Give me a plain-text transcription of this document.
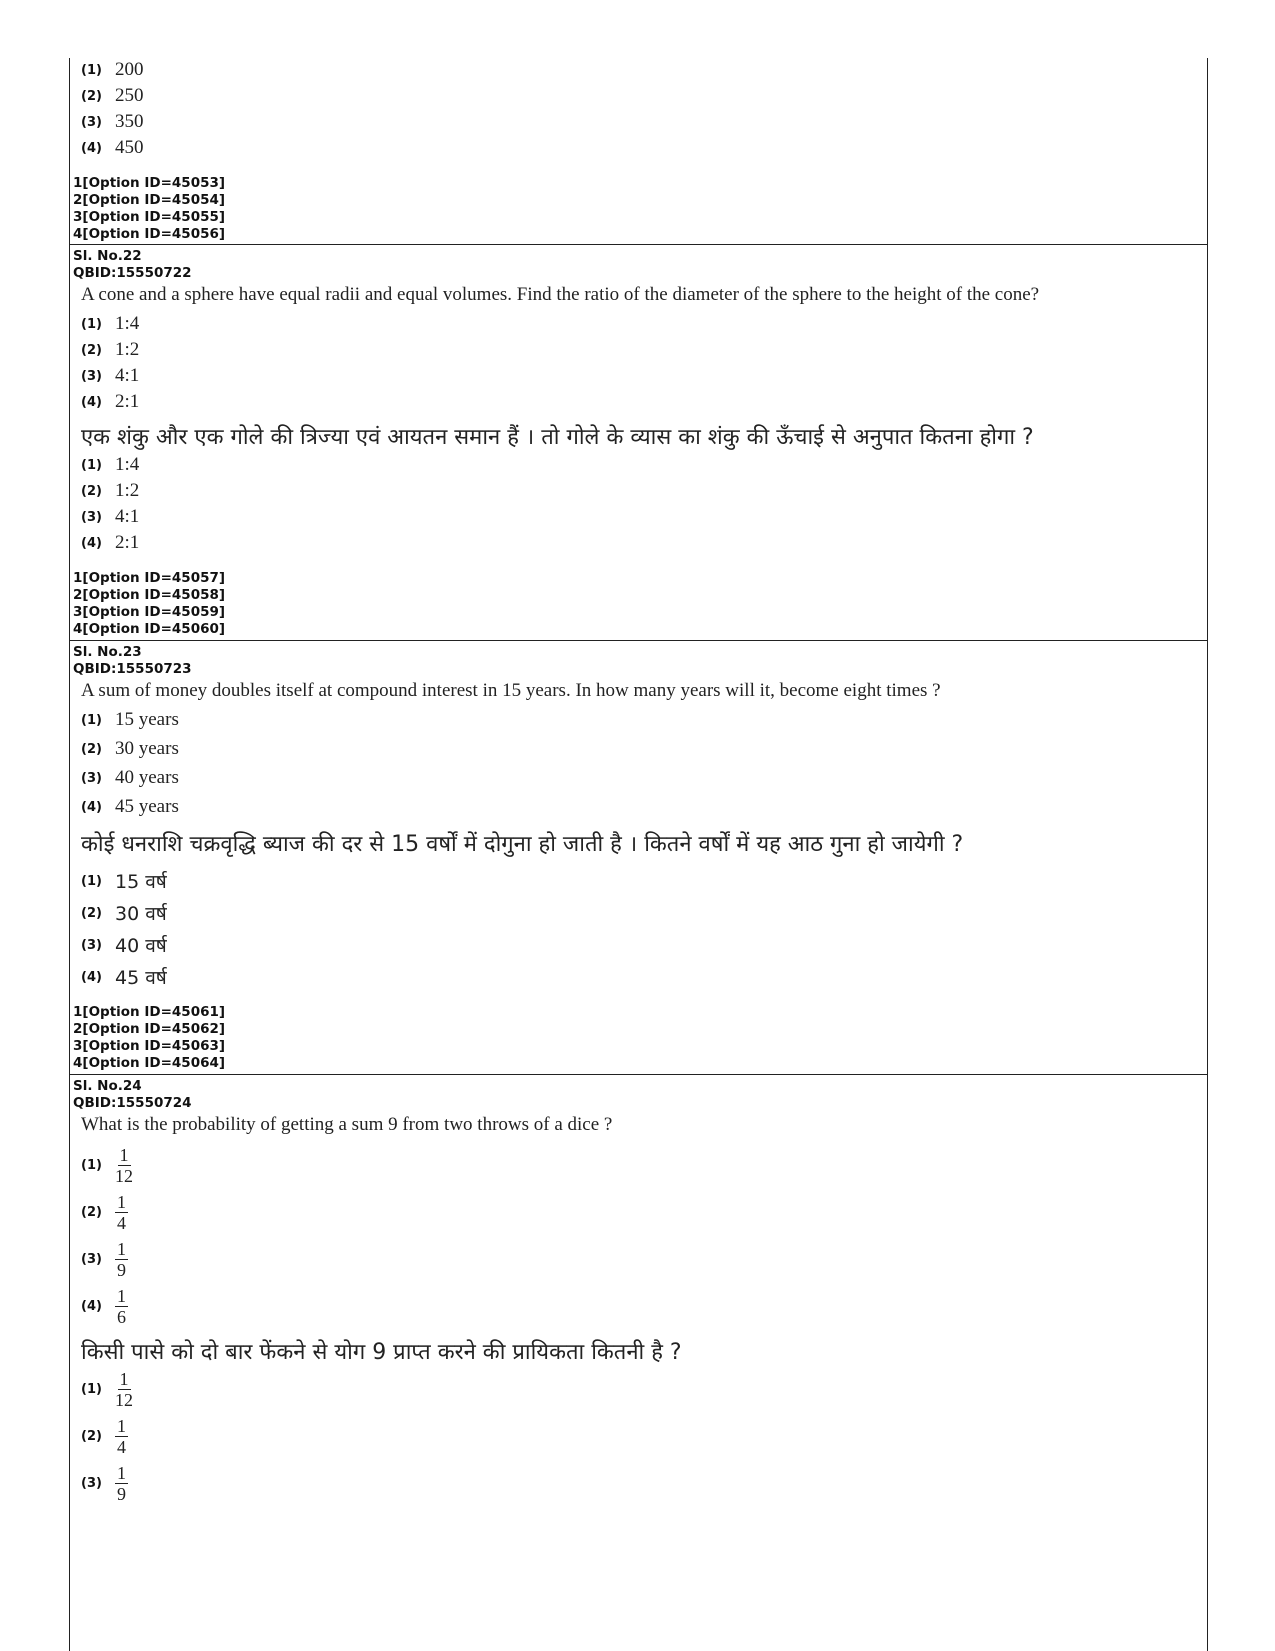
(1) 200
(2) 250
(3) 350
(4) 450
1[Option ID=45053]
2[Option ID=45054]
3[Option ID=45055]
4[Option ID=45056]
Sl. No.22
QBID:15550722
A cone and a sphere have equal radii and equal volumes. Find the ratio of the diameter of the sphere to the height of the cone?
(1) 1:4
(2) 1:2
(3) 4:1
(4) 2:1
एक शंकु और एक गोले की त्रिज्या एवं आयतन समान हैं । तो गोले के व्यास का शंकु की ऊँचाई से अनुपात कितना होगा ?
(1) 1:4
(2) 1:2
(3) 4:1
(4) 2:1
1[Option ID=45057]
2[Option ID=45058]
3[Option ID=45059]
4[Option ID=45060]
Sl. No.23
QBID:15550723
A sum of money doubles itself at compound interest in 15 years. In how many years will it, become eight times ?
(1) 15 years
(2) 30 years
(3) 40 years
(4) 45 years
कोई धनराशि चक्रवृद्धि ब्याज की दर से 15 वर्षों में दोगुना हो जाती है । कितने वर्षों में यह आठ गुना हो जायेगी ?
(1) 15 वर्ष
(2) 30 वर्ष
(3) 40 वर्ष
(4) 45 वर्ष
1[Option ID=45061]
2[Option ID=45062]
3[Option ID=45063]
4[Option ID=45064]
Sl. No.24
QBID:15550724
What is the probability of getting a sum 9 from two throws of a dice ?
$(1) \frac{1}{12}$
$(2) \frac{1}{4}$
$(3) \frac{1}{9}$
$(4) \frac{1}{6}$
किसी पासे को दो बार फेंकने से योग 9 प्राप्त करने की प्रायिकता कितनी है ?
$(1) \frac{1}{12}$
$(2) \frac{1}{4}$
$(3) \frac{1}{9}$
